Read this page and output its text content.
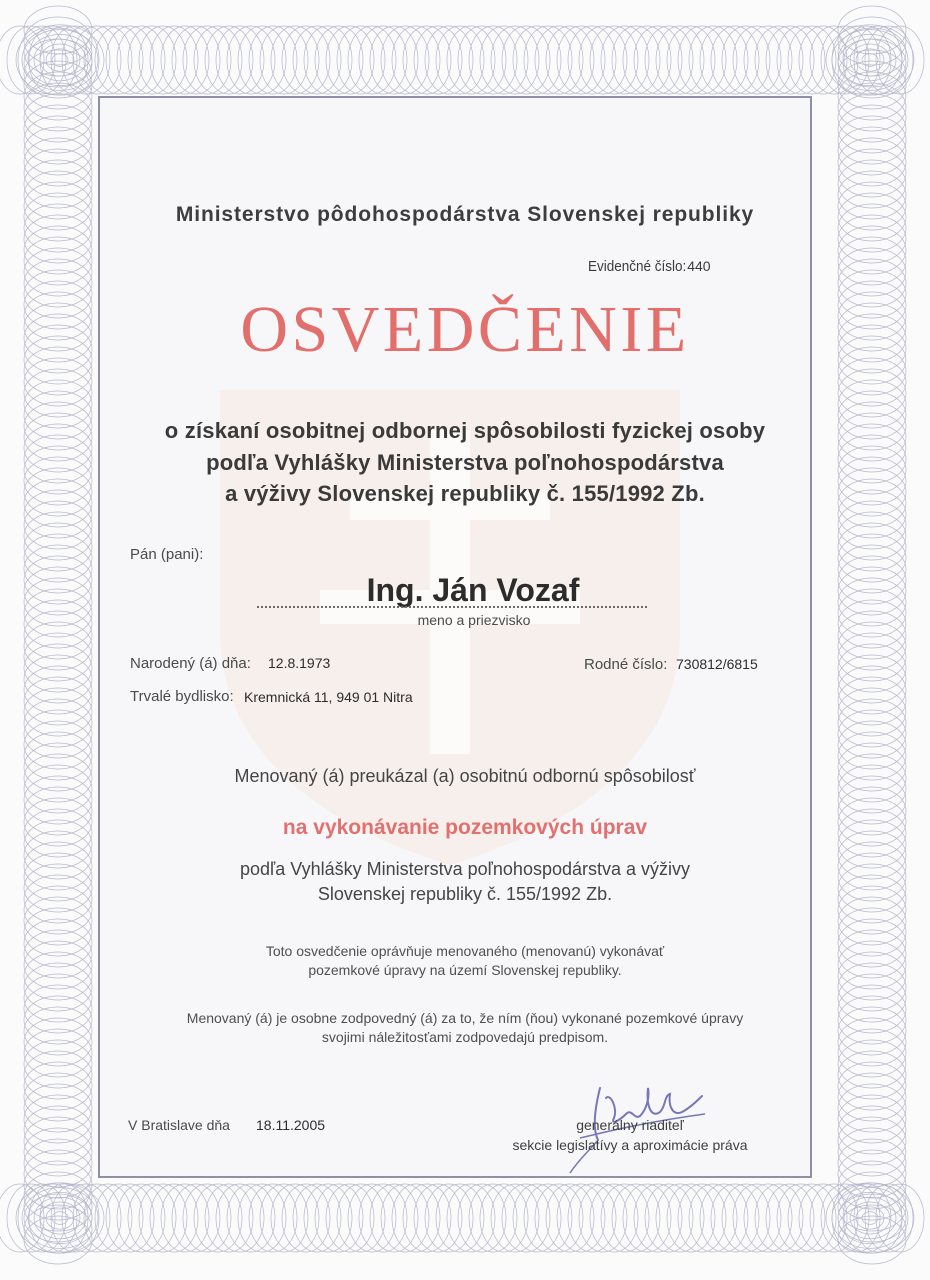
Ministerstvo pôdohospodárstva Slovenskej republiky
Evidenčné číslo:440
OSVEDČENIE
o získaní osobitnej odbornej spôsobilosti fyzickej osoby
podľa Vyhlášky Ministerstva poľnohospodárstva
a výživy Slovenskej republiky č. 155/1992 Zb.
Pán (pani):
Ing. Ján Vozaf
meno a priezvisko
Narodený (á) dňa: 12.8.1973	Rodné číslo: 730812/6815
Trvalé bydlisko: Kremnická 11, 949 01 Nitra
Menovaný (á) preukázal (a) osobitnú odbornú spôsobilosť
na vykonávanie pozemkových úprav
podľa Vyhlášky Ministerstva poľnohospodárstva a výživy
Slovenskej republiky č. 155/1992 Zb.
Toto osvedčenie oprávňuje menovaného (menovanú) vykonávať
pozemkové úpravy na území Slovenskej republiky.
Menovaný (á) je osobne zodpovedný (á) za to, že ním (ňou) vykonané pozemkové úpravy
svojimi náležitosťami zodpovedajú predpisom.
V Bratislave dňa 18.11.2005	generálny riaditeľ
sekcie legislatívy a aproximácie práva
